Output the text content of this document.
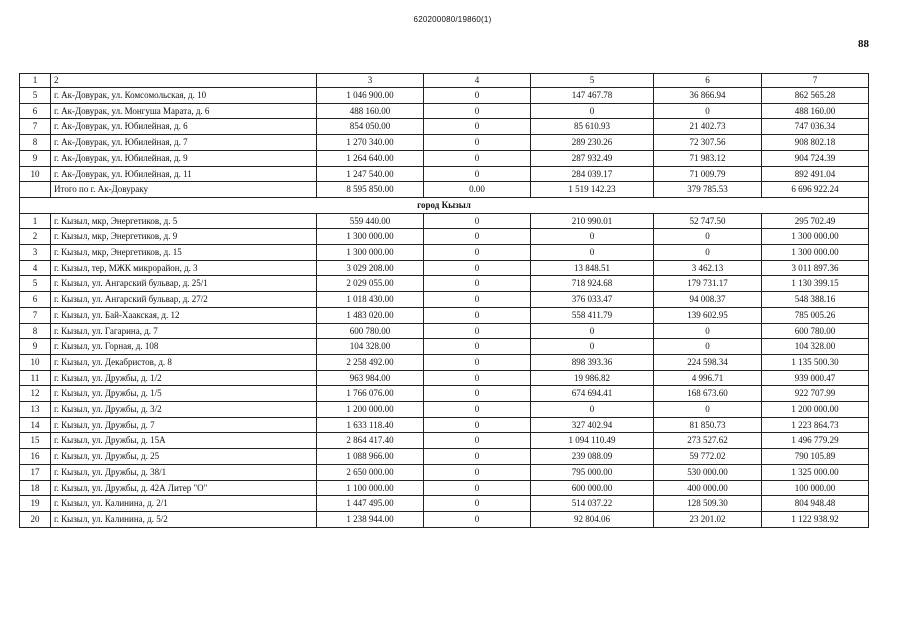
620200080/19860(1)
88
1	2	3	4	5	6	7
5	г. Ак-Довурак, ул. Комсомольская, д. 10	1 046 900.00	0	147 467.78	36 866.94	862 565.28
6	г. Ак-Довурак, ул. Монгуша Марата, д. 6	488 160.00	0	0	0	488 160.00
7	г. Ак-Довурак, ул. Юбилейная, д. 6	854 050.00	0	85 610.93	21 402.73	747 036.34
8	г. Ак-Довурак, ул. Юбилейная, д. 7	1 270 340.00	0	289 230.26	72 307.56	908 802.18
9	г. Ак-Довурак, ул. Юбилейная, д. 9	1 264 640.00	0	287 932.49	71 983.12	904 724.39
10	г. Ак-Довурак, ул. Юбилейная, д. 11	1 247 540.00	0	284 039.17	71 009.79	892 491.04
	Итого по г. Ак-Довураку	8 595 850.00	0.00	1 519 142.23	379 785.53	6 696 922.24
город Кызыл						
1	г. Кызыл, мкр, Энергетиков, д. 5	559 440.00	0	210 990.01	52 747.50	295 702.49
2	г. Кызыл, мкр, Энергетиков, д. 9	1 300 000.00	0	0	0	1 300 000.00
3	г. Кызыл, мкр, Энергетиков, д. 15	1 300 000.00	0	0	0	1 300 000.00
4	г. Кызыл, тер, МЖК микрорайон, д. 3	3 029 208.00	0	13 848.51	3 462.13	3 011 897.36
5	г. Кызыл, ул. Ангарский бульвар, д. 25/1	2 029 055.00	0	718 924.68	179 731.17	1 130 399.15
6	г. Кызыл, ул. Ангарский бульвар, д. 27/2	1 018 430.00	0	376 033.47	94 008.37	548 388.16
7	г. Кызыл, ул. Бай-Хаакская, д. 12	1 483 020.00	0	558 411.79	139 602.95	785 005.26
8	г. Кызыл, ул. Гагарина, д. 7	600 780.00	0	0	0	600 780.00
9	г. Кызыл, ул. Горная, д. 108	104 328.00	0	0	0	104 328.00
10	г. Кызыл, ул. Декабристов, д. 8	2 258 492.00	0	898 393.36	224 598.34	1 135 500.30
11	г. Кызыл, ул. Дружбы, д. 1/2	963 984.00	0	19 986.82	4 996.71	939 000.47
12	г. Кызыл, ул. Дружбы, д. 1/5	1 766 076.00	0	674 694.41	168 673.60	922 707.99
13	г. Кызыл, ул. Дружбы, д. 3/2	1 200 000.00	0	0	0	1 200 000.00
14	г. Кызыл, ул. Дружбы, д. 7	1 633 118.40	0	327 402.94	81 850.73	1 223 864.73
15	г. Кызыл, ул. Дружбы, д. 15А	2 864 417.40	0	1 094 110.49	273 527.62	1 496 779.29
16	г. Кызыл, ул. Дружбы, д. 25	1 088 966.00	0	239 088.09	59 772.02	790 105.89
17	г. Кызыл, ул. Дружбы, д. 38/1	2 650 000.00	0	795 000.00	530 000.00	1 325 000.00
18	г. Кызыл, ул. Дружбы, д. 42А Литер "О"	1 100 000.00	0	600 000.00	400 000.00	100 000.00
19	г. Кызыл, ул. Калинина, д. 2/1	1 447 495.00	0	514 037.22	128 509.30	804 948.48
20	г. Кызыл, ул. Калинина, д. 5/2	1 238 944.00	0	92 804.06	23 201.02	1 122 938.92
